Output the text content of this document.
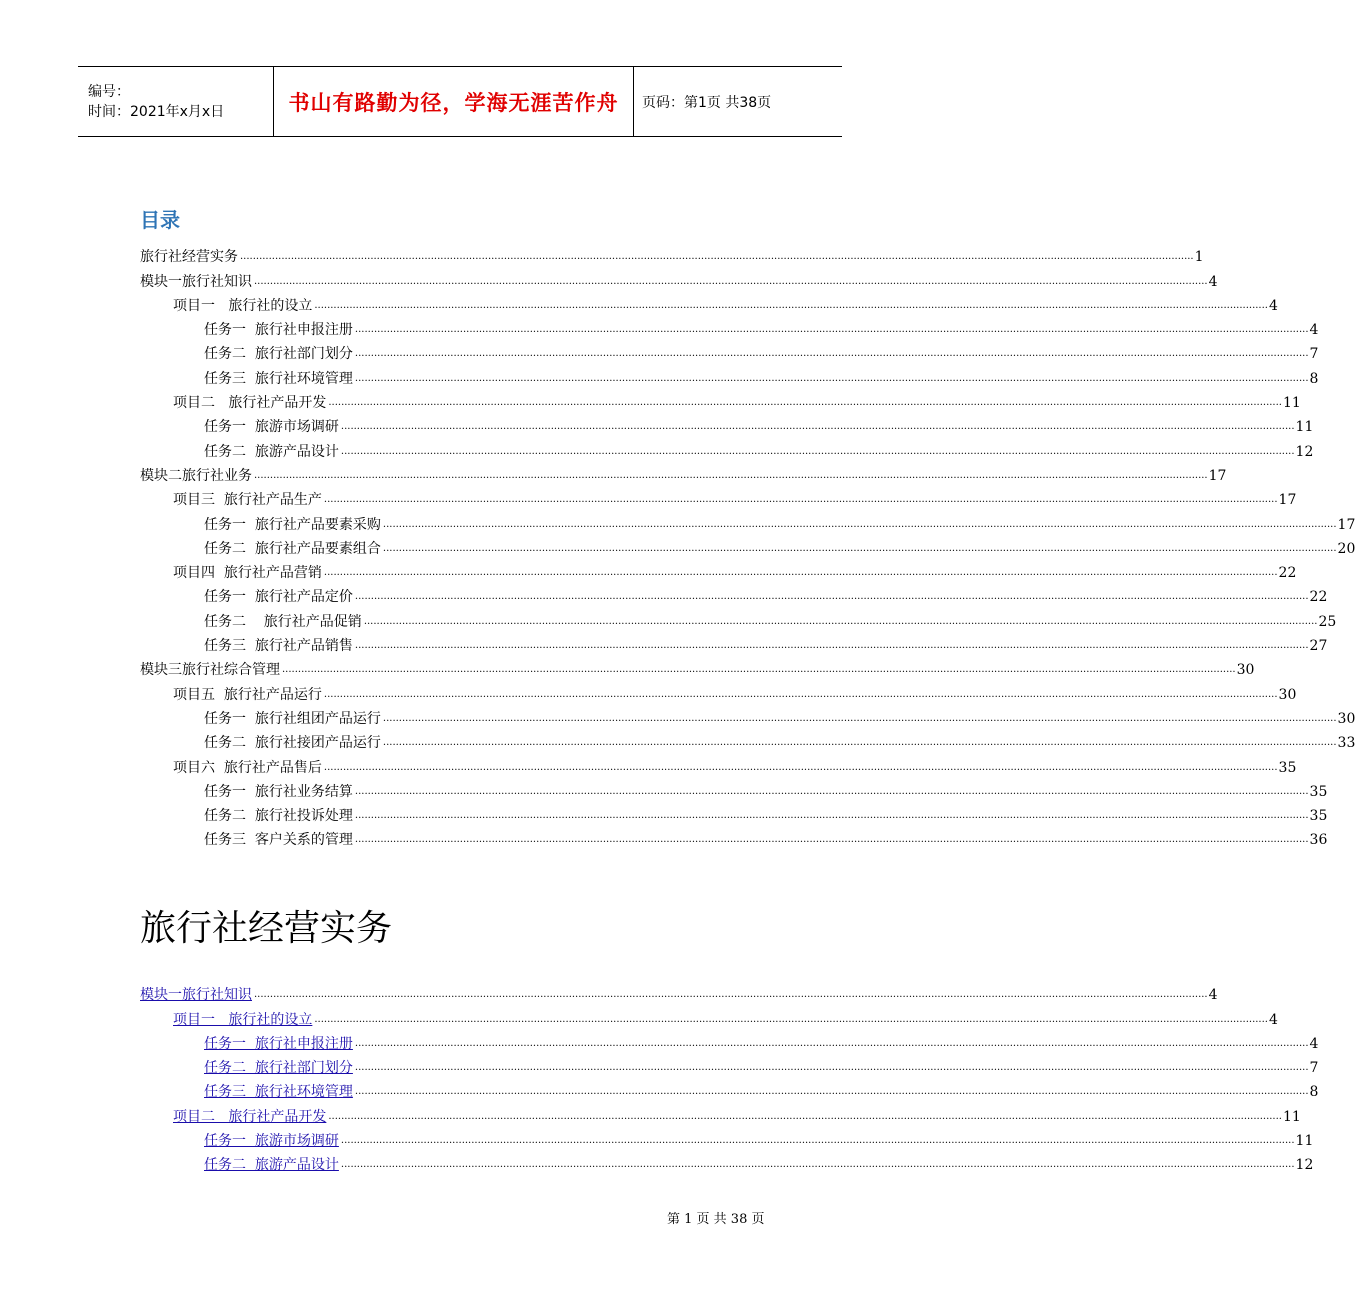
编号：
时间：2021年x月x日	书山有路勤为径，学海无涯苦作舟 页码：第1页 共38页
目录
旅行社经营实务 ............................................................................................................................................................................................................................................................................................................ 1
模块一旅行社知识 ............................................................................................................................................................................................................................................................................................................ 4
项目一   旅行社的设立 ............................................................................................................................................................................................................................................................................................................ 4
任务一  旅行社申报注册 ............................................................................................................................................................................................................................................................................................................ 4
任务二  旅行社部门划分 ............................................................................................................................................................................................................................................................................................................ 7
任务三  旅行社环境管理 ............................................................................................................................................................................................................................................................................................................ 8
项目二   旅行社产品开发 ............................................................................................................................................................................................................................................................................................................ 11
任务一  旅游市场调研 ............................................................................................................................................................................................................................................................................................................ 11
任务二  旅游产品设计 ............................................................................................................................................................................................................................................................................................................ 12
模块二旅行社业务 ............................................................................................................................................................................................................................................................................................................ 17
项目三  旅行社产品生产 ............................................................................................................................................................................................................................................................................................................ 17
任务一  旅行社产品要素采购 ............................................................................................................................................................................................................................................................................................................ 17
任务二  旅行社产品要素组合 ............................................................................................................................................................................................................................................................................................................ 20
项目四  旅行社产品营销 ............................................................................................................................................................................................................................................................................................................ 22
任务一  旅行社产品定价 ............................................................................................................................................................................................................................................................................................................ 22
任务二    旅行社产品促销 ............................................................................................................................................................................................................................................................................................................ 25
任务三  旅行社产品销售 ............................................................................................................................................................................................................................................................................................................ 27
模块三旅行社综合管理 ............................................................................................................................................................................................................................................................................................................ 30
项目五  旅行社产品运行 ............................................................................................................................................................................................................................................................................................................ 30
任务一  旅行社组团产品运行 ............................................................................................................................................................................................................................................................................................................ 30
任务二  旅行社接团产品运行 ............................................................................................................................................................................................................................................................................................................ 33
项目六  旅行社产品售后 ............................................................................................................................................................................................................................................................................................................ 35
任务一  旅行社业务结算 ............................................................................................................................................................................................................................................................................................................ 35
任务二  旅行社投诉处理 ............................................................................................................................................................................................................................................................................................................ 35
任务三  客户关系的管理 ............................................................................................................................................................................................................................................................................................................ 36
旅行社经营实务
模块一旅行社知识 ............................................................................................................................................................................................................................................................................................................ 4
项目一   旅行社的设立 ............................................................................................................................................................................................................................................................................................................ 4
任务一  旅行社申报注册 ............................................................................................................................................................................................................................................................................................................ 4
任务二  旅行社部门划分 ............................................................................................................................................................................................................................................................................................................ 7
任务三  旅行社环境管理 ............................................................................................................................................................................................................................................................................................................ 8
项目二   旅行社产品开发 ............................................................................................................................................................................................................................................................................................................ 11
任务一  旅游市场调研 ............................................................................................................................................................................................................................................................................................................ 11
任务二  旅游产品设计 ............................................................................................................................................................................................................................................................................................................ 12
第 1 页 共 38 页
